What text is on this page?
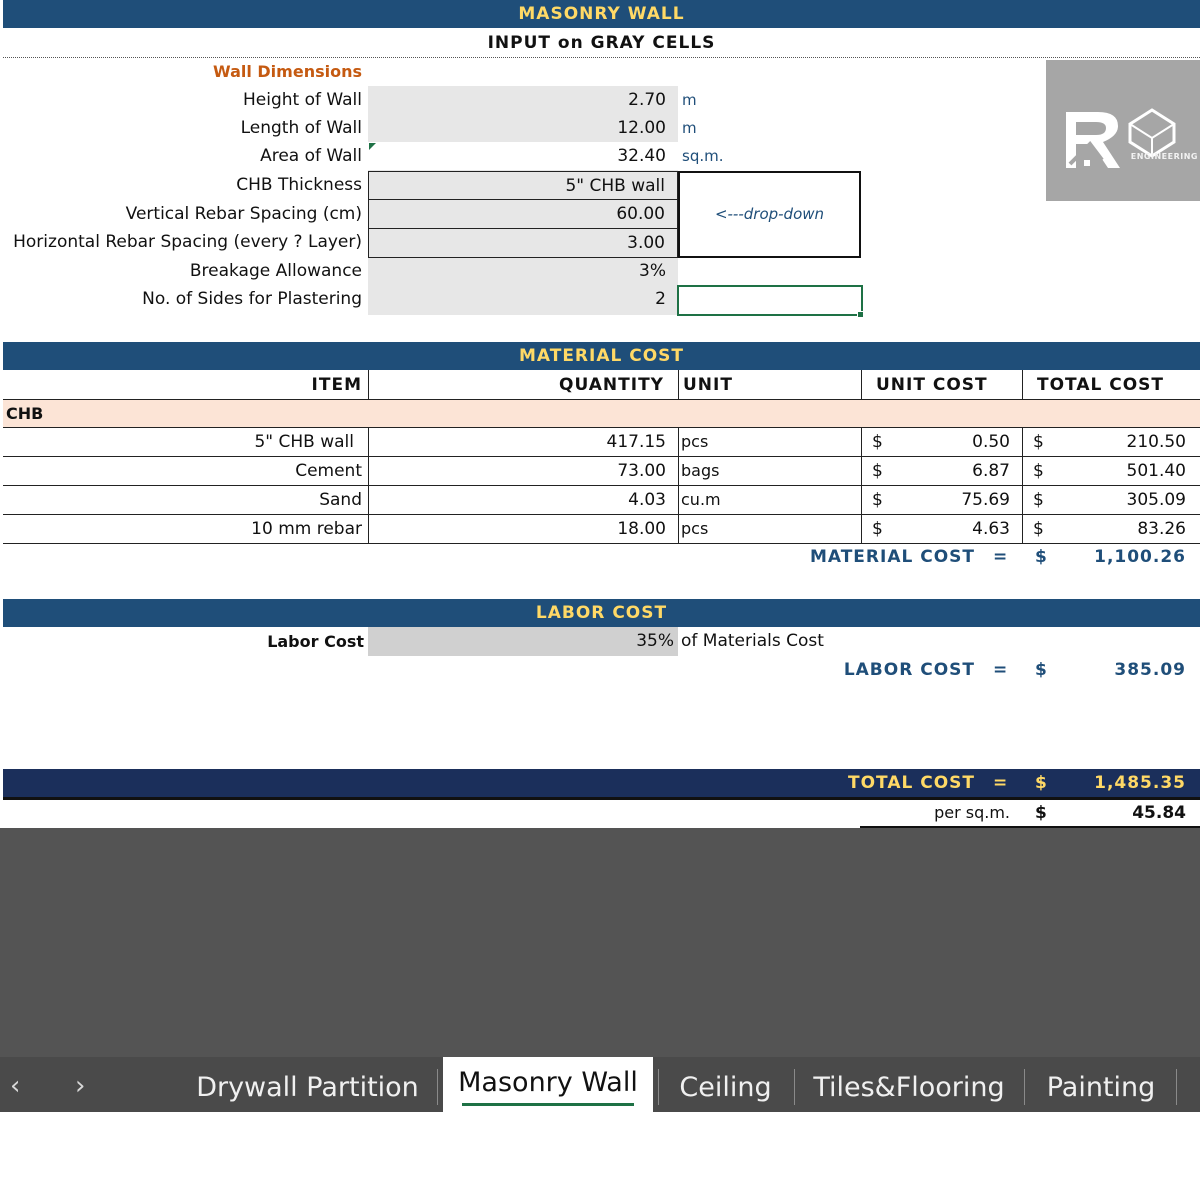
MASONRY WALL
INPUT on GRAY CELLS
Wall Dimensions
Height of Wall	2.70	m
Length of Wall	12.00	m
Area of Wall	32.40	sq.m.
CHB Thickness	5" CHB wall
Vertical Rebar Spacing (cm)	60.00
Horizontal Rebar Spacing (every ? Layer)	3.00
Breakage Allowance	3%
No. of Sides for Plastering	2
<---drop-down
ENGINEERING
MATERIAL COST
ITEM	QUANTITY	UNIT	UNIT COST	TOTAL COST
CHB
5" CHB wall	417.15 pcs	$	0.50	$	210.50
Cement	73.00 bags	$	6.87	$	501.40
Sand	4.03 cu.m	$	75.69	$	305.09
10 mm rebar	18.00 pcs	$	4.63	$	83.26
MATERIAL COST = $	1,100.26
LABOR COST
Labor Cost	35% of Materials Cost
LABOR COST = $	385.09
TOTAL COST = $	1,485.35
per sq.m. $	45.84
‹ ›	Drywall Partition	Masonry Wall	Ceiling	Tiles&Flooring	Painting
